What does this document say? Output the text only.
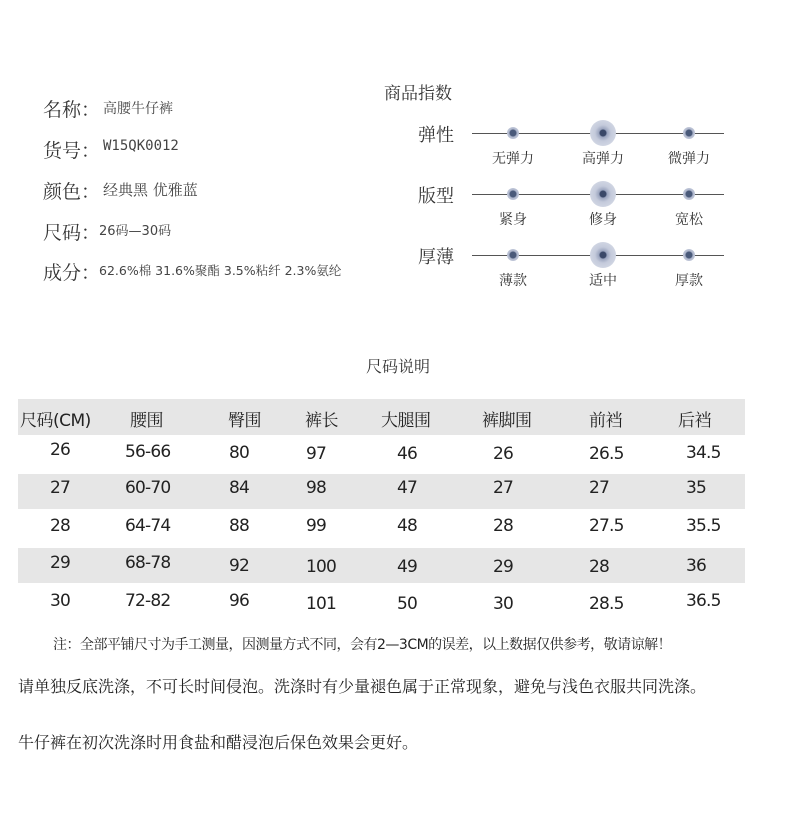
名称： 高腰牛仔裤
货号： W15QK0012
颜色： 经典黑 优雅蓝
尺码：
26码—30码
成分：
62.6%棉 31.6%聚酯 3.5%粘纤 2.3%氨纶
商品指数
弹性
无弹力	高弹力	微弹力
版型
紧身	修身	宽松
厚薄
薄款	适中	厚款
尺码说明
尺码(CM) 腰围	臀围	裤长	大腿围	裤脚围	前裆	后裆
26	56-66	80	97	46	26	26.5	34.5
27	60-70	84	98	47	27	27	35
28	64-74	88	99	48	28	27.5	35.5
29	68-78	92	100	49	29	28	36
30	72-82	96	101	50	30	28.5	36.5
注：全部平铺尺寸为手工测量，因测量方式不同，会有2—3CM的误差，以上数据仅供参考，敬请谅解！
请单独反底洗涤，不可长时间侵泡。洗涤时有少量褪色属于正常现象，避免与浅色衣服共同洗涤。
牛仔裤在初次洗涤时用食盐和醋浸泡后保色效果会更好。
